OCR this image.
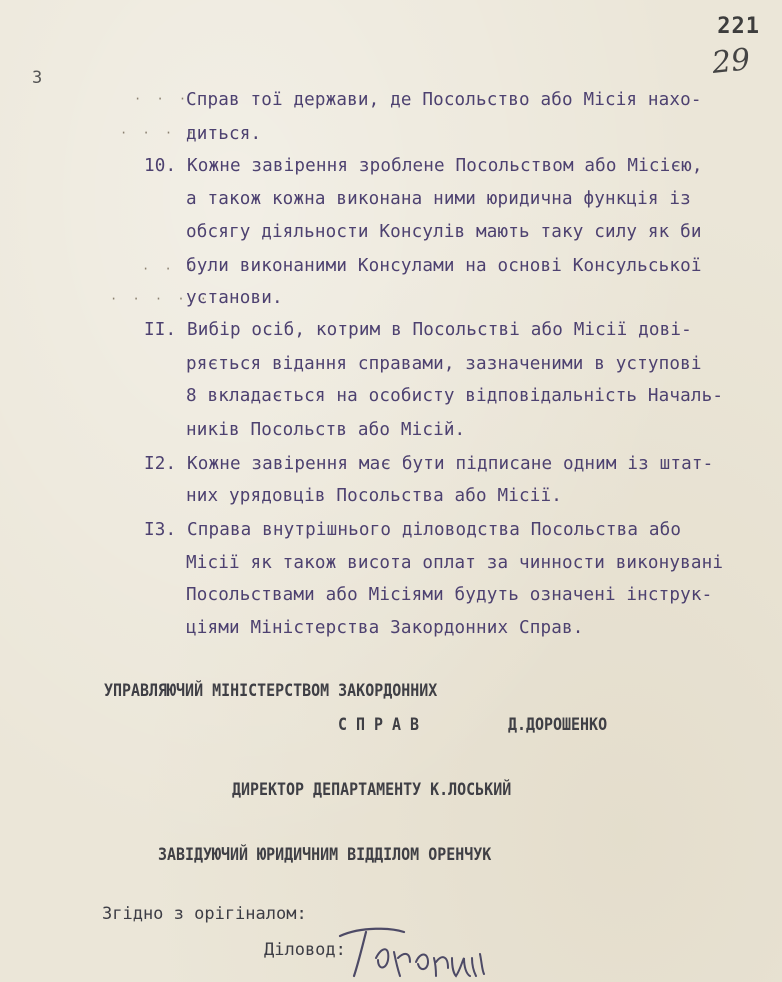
3
221
29
· · ·
· · · ·
· · ·
· · · · ·
Справ тої держави, де Посольство або Місія нахо-
диться.
10. Кожне завірення зроблене Посольством або Місією,
а також кожна виконана ними юридична функція із
обсягу діяльности Консулів мають таку силу як би
були виконаними Консулами на основі Консульської
установи.
II. Вибір осіб, котрим в Посольстві або Місії дові-
ряється відання справами, зазначеними в уступові
8 вкладається на особисту відповідальність Началь-
ників Посольств або Місій.
I2. Кожне завірення має бути підписане одним із штат-
них урядовців Посольства або Місії.
I3. Справа внутрішнього діловодства Посольства або
Місії як також висота оплат за чинности виконувані
Посольствами або Місіями будуть означені інструк-
ціями Міністерства Закордонних Справ.
УПРАВЛЯЮЧИЙ МІНІСТЕРСТВОМ ЗАКОРДОННИХ
С П Р А В	Д.ДОРОШЕНКО
ДИРЕКТОР ДЕПАРТАМЕНТУ К.ЛОСЬКИЙ
ЗАВІДУЮЧИЙ ЮРИДИЧНИМ ВІДДІЛОМ ОРЕНЧУК
Згідно з орігіналом:
Діловод:
